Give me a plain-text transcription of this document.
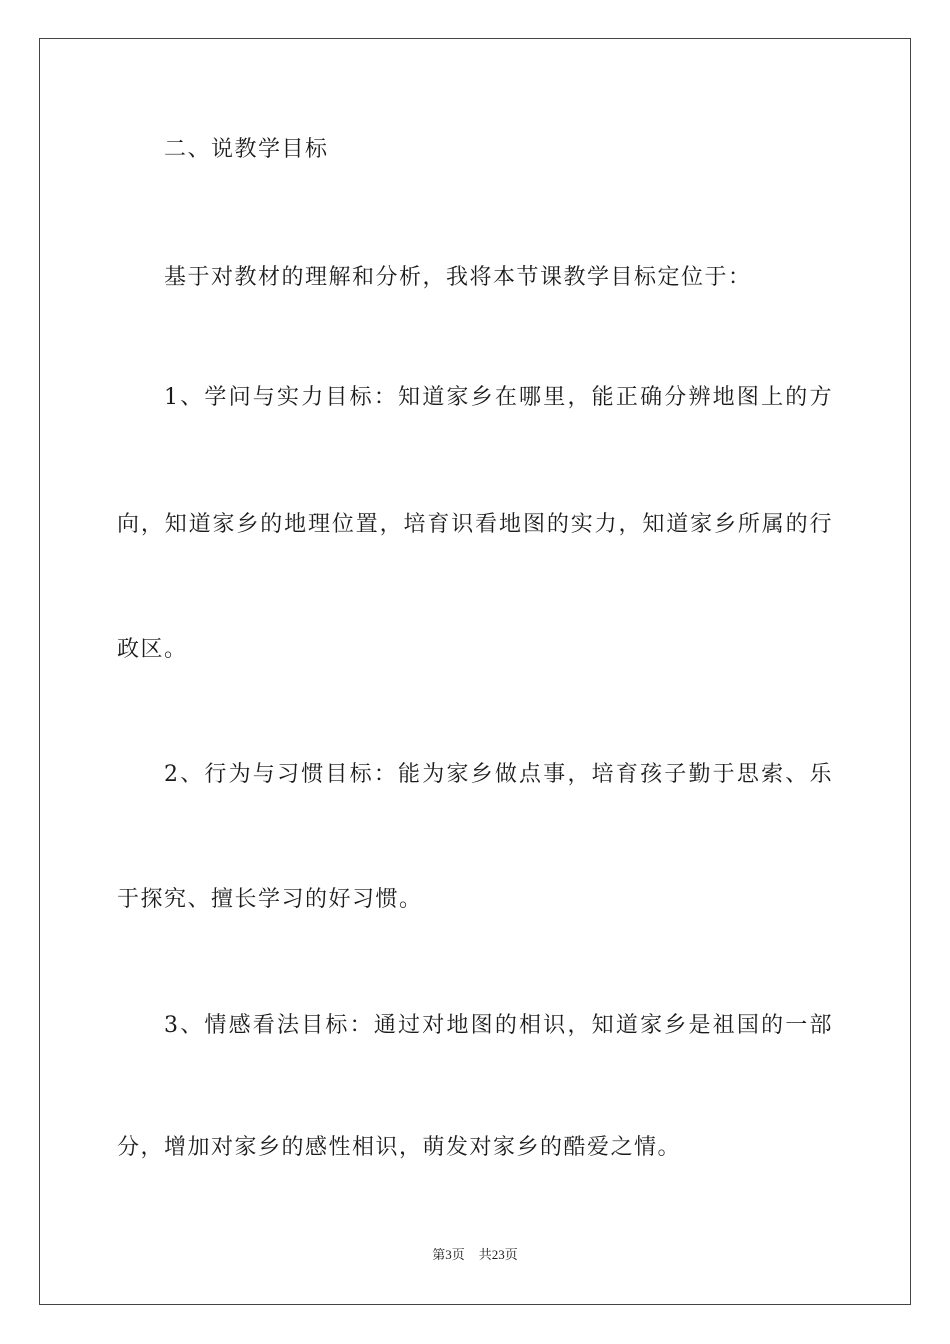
二、说教学目标
基于对教材的理解和分析，我将本节课教学目标定位于：
1、学问与实力目标：知道家乡在哪里，能正确分辨地图上的方
向，知道家乡的地理位置，培育识看地图的实力，知道家乡所属的行
政区。
2、行为与习惯目标：能为家乡做点事，培育孩子勤于思索、乐
于探究、擅长学习的好习惯。
3、情感看法目标：通过对地图的相识，知道家乡是祖国的一部
分，增加对家乡的感性相识，萌发对家乡的酷爱之情。
第3页 共23页
